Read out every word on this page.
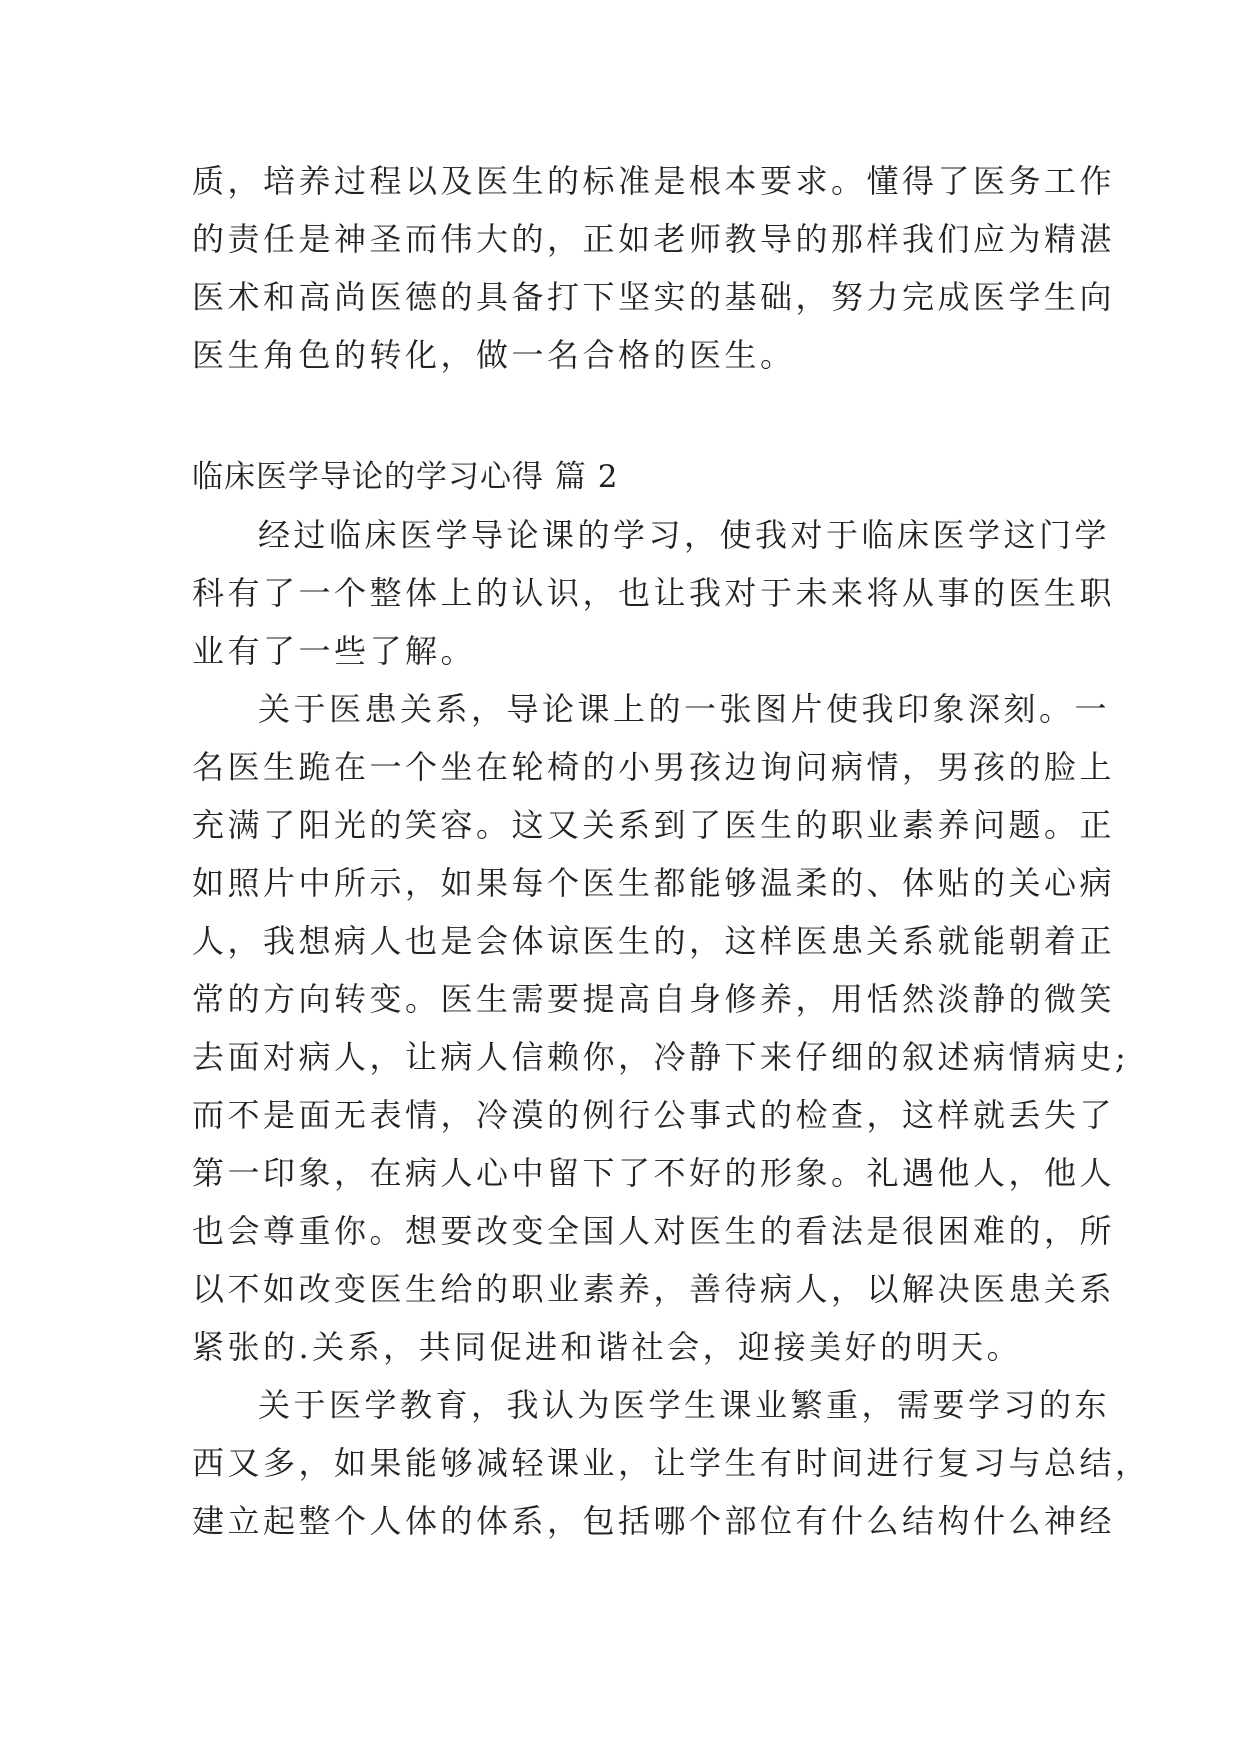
质，培养过程以及医生的标准是根本要求。懂得了医务工作
的责任是神圣而伟大的，正如老师教导的那样我们应为精湛
医术和高尚医德的具备打下坚实的基础，努力完成医学生向
医生角色的转化，做一名合格的医生。
临床医学导论的学习心得 篇 2
经过临床医学导论课的学习，使我对于临床医学这门学
科有了一个整体上的认识，也让我对于未来将从事的医生职
业有了一些了解。
关于医患关系，导论课上的一张图片使我印象深刻。一
名医生跪在一个坐在轮椅的小男孩边询问病情，男孩的脸上
充满了阳光的笑容。这又关系到了医生的职业素养问题。正
如照片中所示，如果每个医生都能够温柔的、体贴的关心病
人，我想病人也是会体谅医生的，这样医患关系就能朝着正
常的方向转变。医生需要提高自身修养，用恬然淡静的微笑
去面对病人，让病人信赖你，冷静下来仔细的叙述病情病史;
而不是面无表情，冷漠的例行公事式的检查，这样就丢失了
第一印象，在病人心中留下了不好的形象。礼遇他人，他人
也会尊重你。想要改变全国人对医生的看法是很困难的，所
以不如改变医生给的职业素养，善待病人，以解决医患关系
紧张的.关系，共同促进和谐社会，迎接美好的明天。
关于医学教育，我认为医学生课业繁重，需要学习的东
西又多，如果能够减轻课业，让学生有时间进行复习与总结，
建立起整个人体的体系，包括哪个部位有什么结构什么神经
